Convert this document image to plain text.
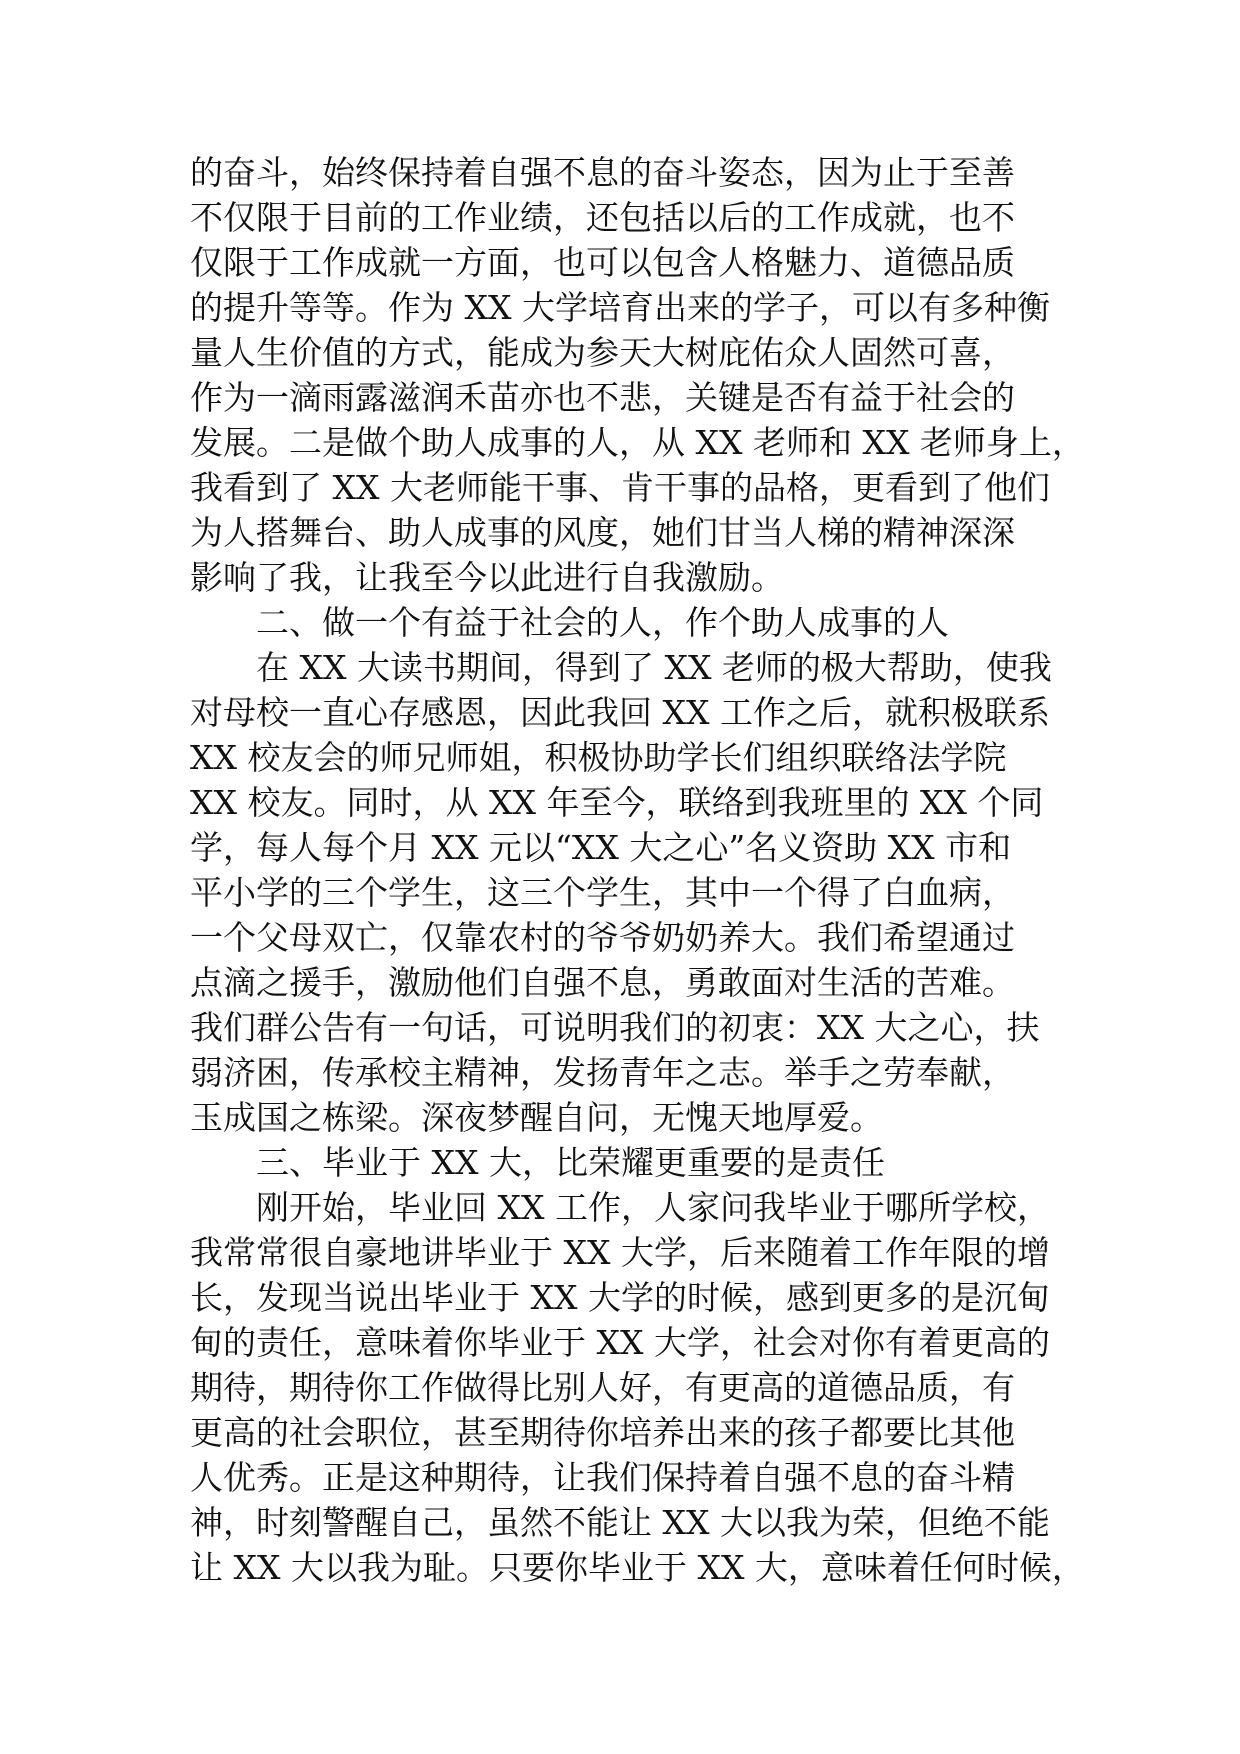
的奋斗，始终保持着自强不息的奋斗姿态，因为止于至善
不仅限于目前的工作业绩，还包括以后的工作成就，也不
仅限于工作成就一方面，也可以包含人格魅力、道德品质
的提升等等。作为 XX 大学培育出来的学子，可以有多种衡
量人生价值的方式，能成为参天大树庇佑众人固然可喜，
作为一滴雨露滋润禾苗亦也不悲，关键是否有益于社会的
发展。二是做个助人成事的人，从 XX 老师和 XX 老师身上，
我看到了 XX 大老师能干事、肯干事的品格，更看到了他们
为人搭舞台、助人成事的风度，她们甘当人梯的精神深深
影响了我，让我至今以此进行自我激励。
二、做一个有益于社会的人，作个助人成事的人
在 XX 大读书期间，得到了 XX 老师的极大帮助，使我
对母校一直心存感恩，因此我回 XX 工作之后，就积极联系
XX 校友会的师兄师姐，积极协助学长们组织联络法学院
XX 校友。同时，从 XX 年至今，联络到我班里的 XX 个同
学，每人每个月 XX 元以“XX 大之心”名义资助 XX 市和
平小学的三个学生，这三个学生，其中一个得了白血病，
一个父母双亡，仅靠农村的爷爷奶奶养大。我们希望通过
点滴之援手，激励他们自强不息，勇敢面对生活的苦难。
我们群公告有一句话，可说明我们的初衷：XX 大之心，扶
弱济困，传承校主精神，发扬青年之志。举手之劳奉献，
玉成国之栋梁。深夜梦醒自问，无愧天地厚爱。
三、毕业于 XX 大，比荣耀更重要的是责任
刚开始，毕业回 XX 工作，人家问我毕业于哪所学校，
我常常很自豪地讲毕业于 XX 大学，后来随着工作年限的增
长，发现当说出毕业于 XX 大学的时候，感到更多的是沉甸
甸的责任，意味着你毕业于 XX 大学，社会对你有着更高的
期待，期待你工作做得比别人好，有更高的道德品质，有
更高的社会职位，甚至期待你培养出来的孩子都要比其他
人优秀。正是这种期待，让我们保持着自强不息的奋斗精
神，时刻警醒自己，虽然不能让 XX 大以我为荣，但绝不能
让 XX 大以我为耻。只要你毕业于 XX 大，意味着任何时候，
